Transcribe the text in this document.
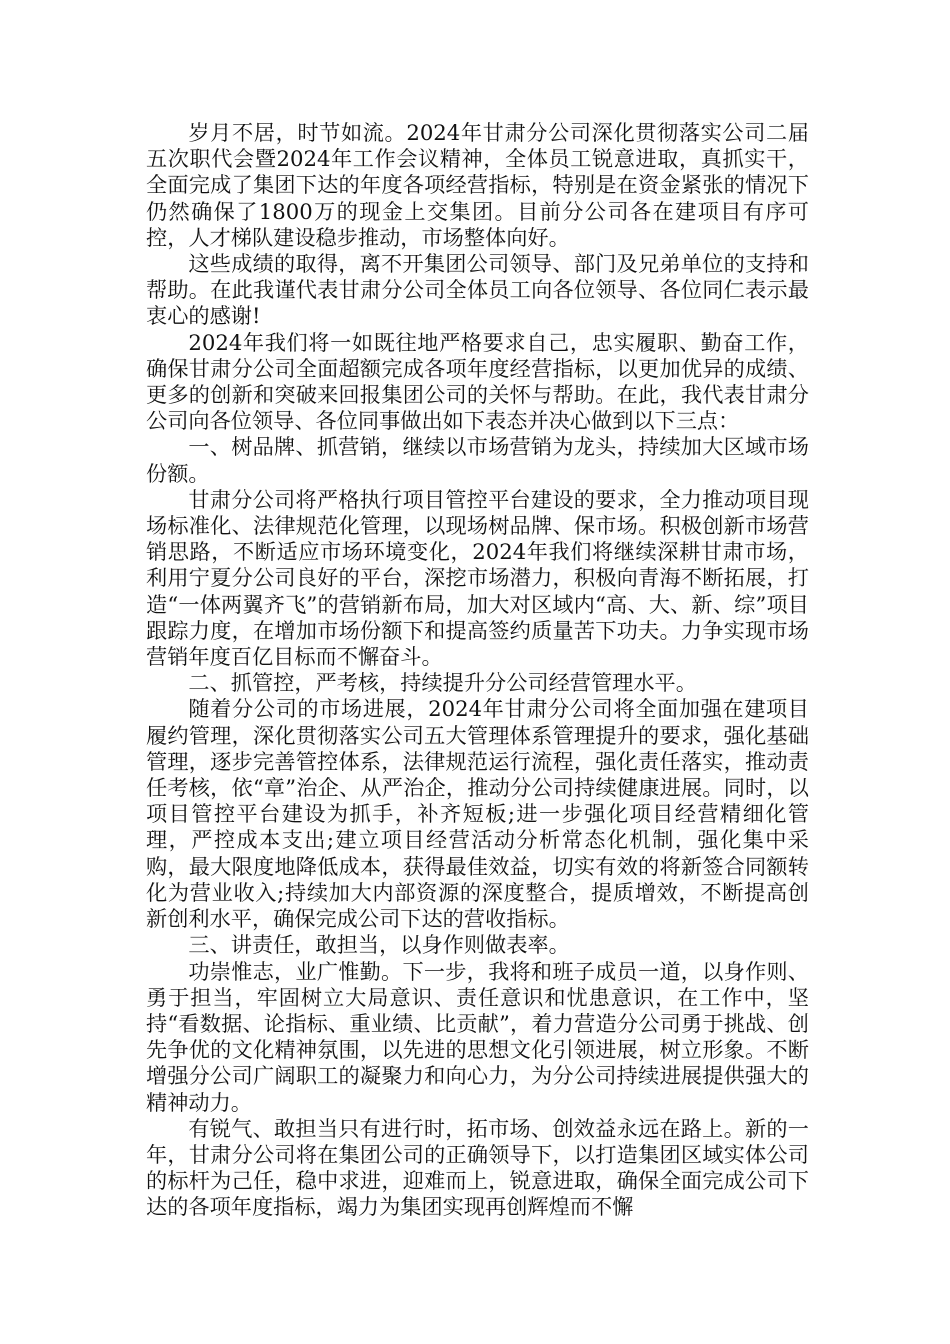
岁月不居，时节如流。2024年甘肃分公司深化贯彻落实公司二届五次职代会暨2024年工作会议精神，全体员工锐意进取，真抓实干，全面完成了集团下达的年度各项经营指标，特别是在资金紧张的情况下仍然确保了1800万的现金上交集团。目前分公司各在建项目有序可控，人才梯队建设稳步推动，市场整体向好。

这些成绩的取得，离不开集团公司领导、部门及兄弟单位的支持和帮助。在此我谨代表甘肃分公司全体员工向各位领导、各位同仁表示最衷心的感谢!

2024年我们将一如既往地严格要求自己，忠实履职、勤奋工作，确保甘肃分公司全面超额完成各项年度经营指标，以更加优异的成绩、更多的创新和突破来回报集团公司的关怀与帮助。在此，我代表甘肃分公司向各位领导、各位同事做出如下表态并决心做到以下三点：

一、树品牌、抓营销，继续以市场营销为龙头，持续加大区域市场份额。

甘肃分公司将严格执行项目管控平台建设的要求，全力推动项目现场标准化、法律规范化管理，以现场树品牌、保市场。积极创新市场营销思路，不断适应市场环境变化，2024年我们将继续深耕甘肃市场，利用宁夏分公司良好的平台，深挖市场潜力，积极向青海不断拓展，打造“一体两翼齐飞”的营销新布局，加大对区域内“高、大、新、综”项目跟踪力度，在增加市场份额下和提高签约质量苦下功夫。力争实现市场营销年度百亿目标而不懈奋斗。

二、抓管控，严考核，持续提升分公司经营管理水平。

随着分公司的市场进展，2024年甘肃分公司将全面加强在建项目履约管理，深化贯彻落实公司五大管理体系管理提升的要求，强化基础管理，逐步完善管控体系，法律规范运行流程，强化责任落实，推动责任考核，依“章”治企、从严治企，推动分公司持续健康进展。同时，以项目管控平台建设为抓手，补齐短板;进一步强化项目经营精细化管理，严控成本支出;建立项目经营活动分析常态化机制，强化集中采购，最大限度地降低成本，获得最佳效益，切实有效的将新签合同额转化为营业收入;持续加大内部资源的深度整合，提质增效，不断提高创新创利水平，确保完成公司下达的营收指标。

三、讲责任，敢担当，以身作则做表率。

功崇惟志，业广惟勤。下一步，我将和班子成员一道，以身作则、勇于担当，牢固树立大局意识、责任意识和忧患意识，在工作中，坚持“看数据、论指标、重业绩、比贡献”，着力营造分公司勇于挑战、创先争优的文化精神氛围，以先进的思想文化引领进展，树立形象。不断增强分公司广阔职工的凝聚力和向心力，为分公司持续进展提供强大的精神动力。

有锐气、敢担当只有进行时，拓市场、创效益永远在路上。新的一年，甘肃分公司将在集团公司的正确领导下，以打造集团区域实体公司的标杆为己任，稳中求进，迎难而上，锐意进取，确保全面完成公司下达的各项年度指标，竭力为集团实现再创辉煌而不懈
